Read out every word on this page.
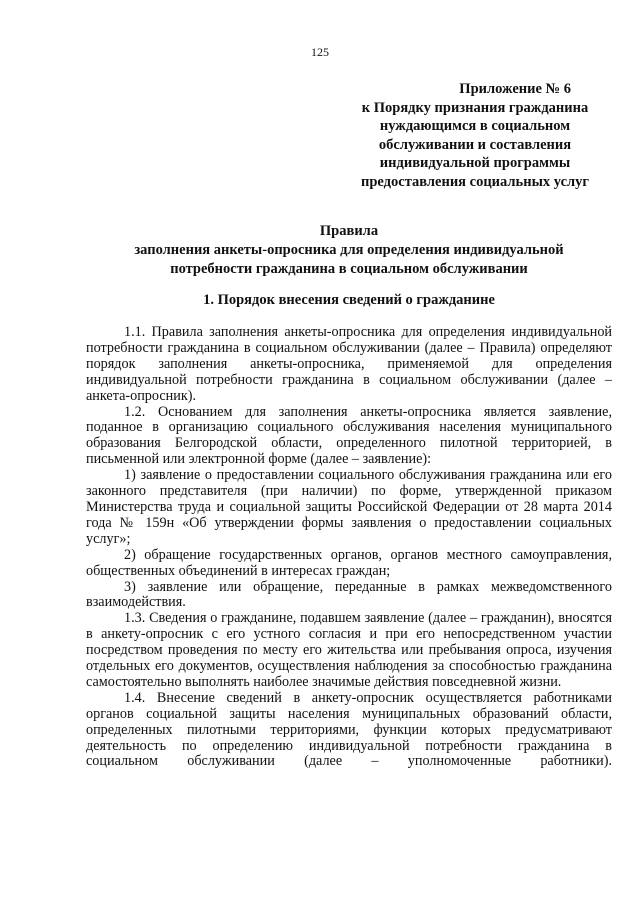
125
Приложение № 6
к Порядку признания гражданина
нуждающимся в социальном
обслуживании и составления
индивидуальной программы
предоставления социальных услуг
Правила
заполнения анкеты-опросника для определения индивидуальной
потребности гражданина в социальном обслуживании
1. Порядок внесения сведений о гражданине

1.1. Правила заполнения анкеты-опросника для определения индивидуальной потребности гражданина в социальном обслуживании (далее – Правила) определяют порядок заполнения анкеты-опросника, применяемой для определения индивидуальной потребности гражданина в социальном обслуживании (далее – анкета-опросник).

1.2. Основанием для заполнения анкеты-опросника является заявление, поданное в организацию социального обслуживания населения муниципального образования Белгородской области, определенного пилотной территорией, в письменной или электронной форме (далее – заявление):

1) заявление о предоставлении социального обслуживания гражданина или его законного представителя (при наличии) по форме, утвержденной приказом Министерства труда и социальной защиты Российской Федерации от 28 марта 2014 года № 159н «Об утверждении формы заявления о предоставлении социальных услуг»;

2) обращение государственных органов, органов местного самоуправления, общественных объединений в интересах граждан;

3) заявление или обращение, переданные в рамках межведомственного взаимодействия.

1.3. Сведения о гражданине, подавшем заявление (далее – гражданин), вносятся в анкету-опросник с его устного согласия и при его непосредственном участии посредством проведения по месту его жительства или пребывания опроса, изучения отдельных его документов, осуществления наблюдения за способностью гражданина самостоятельно выполнять наиболее значимые действия повседневной жизни.

1.4. Внесение сведений в анкету-опросник осуществляется работниками органов социальной защиты населения муниципальных образований области, определенных пилотными территориями, функции которых предусматривают деятельность по определению индивидуальной потребности гражданина в социальном обслуживании (далее – уполномоченные работники).
